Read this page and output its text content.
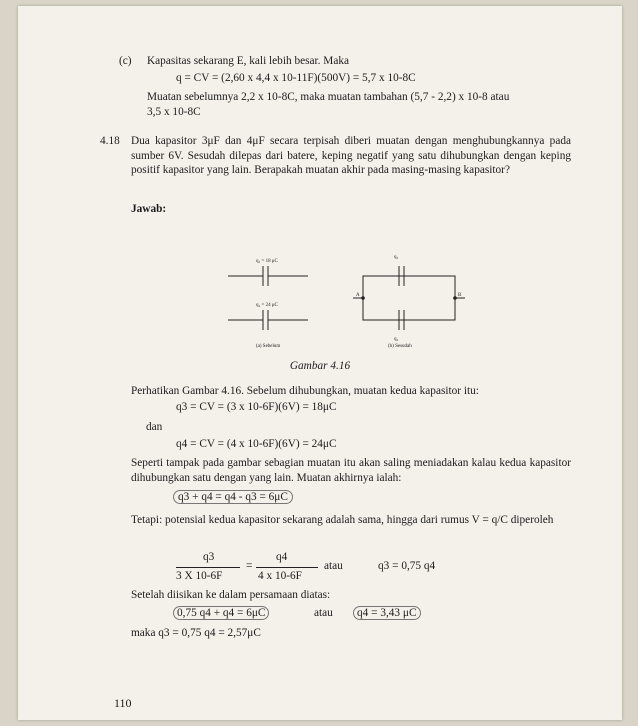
(c) Kapasitas sekarang E, kali lebih besar. Maka
q = CV = (2,60 x 4,4 x 10-11F)(500V) = 5,7 x 10-8C
Muatan sebelumnya 2,2 x 10-8C, maka muatan tambahan (5,7 - 2,2) x 10-8 atau
3,5 x 10-8C
4.18 Dua kapasitor 3μF dan 4μF secara terpisah diberi muatan dengan menghubungkannya pada sumber 6V. Sesudah dilepas dari batere, keping negatif yang satu dihubungkan dengan keping positif kapasitor yang lain. Berapakah muatan akhir pada masing-masing kapasitor?
Jawab:
q₃ = 18 μC
q₄ = 24 μC
(a) Sebelum
q₃
q₄
(b) Sesudah
A	B
Gambar 4.16
Perhatikan Gambar 4.16. Sebelum dihubungkan, muatan kedua kapasitor itu:
q3 = CV = (3 x 10-6F)(6V) = 18μC
dan
q4 = CV = (4 x 10-6F)(6V) = 24μC
Seperti tampak pada gambar sebagian muatan itu akan saling meniadakan kalau kedua kapasitor dihubungkan satu dengan yang lain. Muatan akhirnya ialah:
q3 + q4 = q4 - q3 = 6μC
Tetapi: potensial kedua kapasitor sekarang adalah sama, hingga dari rumus V = q/C diperoleh
q3
3 X 10-6F
=
q4
4 x 10-6F
atau	q3 = 0,75 q4
Setelah diisikan ke dalam persamaan diatas:
0,75 q4 + q4 = 6μC	atau	q4 = 3,43 μC
maka q3 = 0,75 q4 = 2,57μC
110
